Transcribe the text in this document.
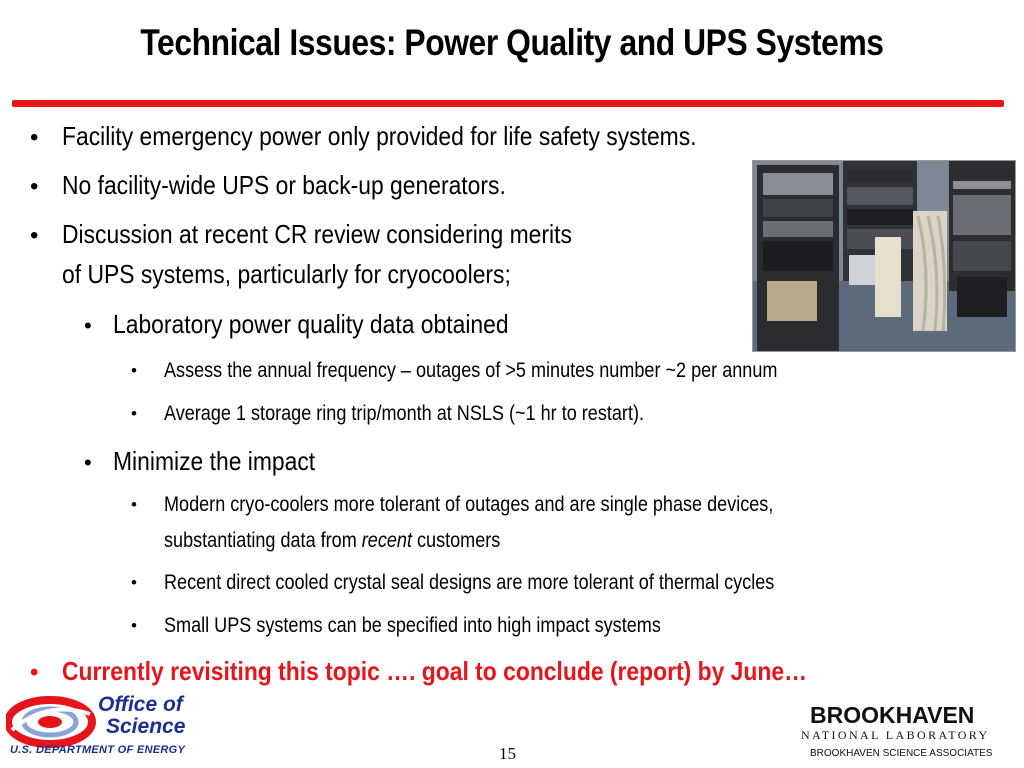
Technical Issues: Power Quality and UPS Systems
• Facility emergency power only provided for life safety systems.
• No facility-wide UPS or back-up generators.
• Discussion at recent CR review considering merits
of UPS systems, particularly for cryocoolers;
• Laboratory power quality data obtained
• Assess the annual frequency – outages of >5 minutes number ~2 per annum
• Average 1 storage ring trip/month at NSLS (~1 hr to restart).
• Minimize the impact
• Modern cryo-coolers more tolerant of outages and are single phase devices,
substantiating data from recent customers
• Recent direct cooled crystal seal designs are more tolerant of thermal cycles
• Small UPS systems can be specified into high impact systems
• Currently revisiting this topic …. goal to conclude (report) by June…
Office of
Science
U.S. DEPARTMENT OF ENERGY	15
BROOKHAVEN
NATIONAL LABORATORY
BROOKHAVEN SCIENCE ASSOCIATES
